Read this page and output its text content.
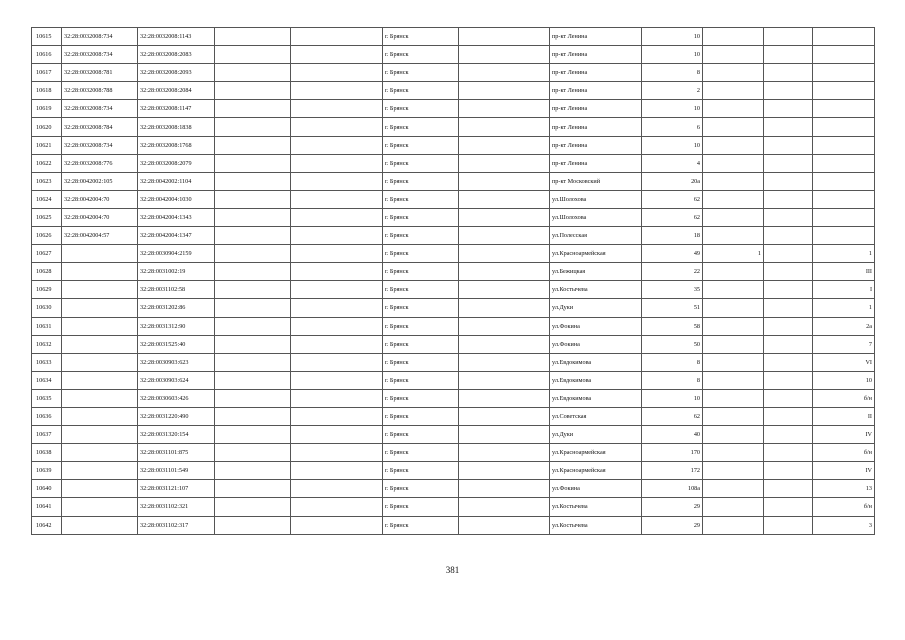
10615	32:28:0032008:734	32:28:0032008:1143			г. Брянск		пр-кт Ленина	10			
10616	32:28:0032008:734	32:28:0032008:2083			г. Брянск		пр-кт Ленина	10			
10617	32:28:0032008:781	32:28:0032008:2093			г. Брянск		пр-кт Ленина	8			
10618	32:28:0032008:788	32:28:0032008:2084			г. Брянск		пр-кт Ленина	2			
10619	32:28:0032008:734	32:28:0032008:1147			г. Брянск		пр-кт Ленина	10			
10620	32:28:0032008:784	32:28:0032008:1838			г. Брянск		пр-кт Ленина	6			
10621	32:28:0032008:734	32:28:0032008:1768			г. Брянск		пр-кт Ленина	10			
10622	32:28:0032008:776	32:28:0032008:2079			г. Брянск		пр-кт Ленина	4			
10623	32:28:0042002:105	32:28:0042002:1104			г. Брянск		пр-кт Московский	20а			
10624	32:28:0042004:70	32:28:0042004:1030			г. Брянск		ул.Шолохова	62			
10625	32:28:0042004:70	32:28:0042004:1343			г. Брянск		ул.Шолохова	62			
10626	32:28:0042004:57	32:28:0042004:1347			г. Брянск		ул.Полесская	18			
10627		32:28:0030904:2159			г. Брянск		ул.Красноармейская	49	1		1
10628		32:28:0031002:19			г. Брянск		ул.Бежицкая	22			III
10629		32:28:0031102:58			г. Брянск		ул.Костычева	35			I
10630		32:28:0031202:86			г. Брянск		ул.Дуки	51			1
10631		32:28:0031312:90			г. Брянск		ул.Фокина	58			2а
10632		32:28:0031525:40			г. Брянск		ул.Фокина	50			7
10633		32:28:0030903:623			г. Брянск		ул.Евдокимова	8			VI
10634		32:28:0030903:624			г. Брянск		ул.Евдокимова	8			10
10635		32:28:0030603:426			г. Брянск		ул.Евдокимова	10			б/н
10636		32:28:0031220:490			г. Брянск		ул.Советская	62			II
10637		32:28:0031320:154			г. Брянск		ул.Дуки	40			IV
10638		32:28:0031101:875			г. Брянск		ул.Красноармейская	170			б/н
10639		32:28:0031101:549			г. Брянск		ул.Красноармейская	172			IV
10640		32:28:0031121:107			г. Брянск		ул.Фокина	108а			13
10641		32:28:0031102:321			г. Брянск		ул.Костычева	29			б/н
10642		32:28:0031102:317			г. Брянск		ул.Костычева	29			3
381
